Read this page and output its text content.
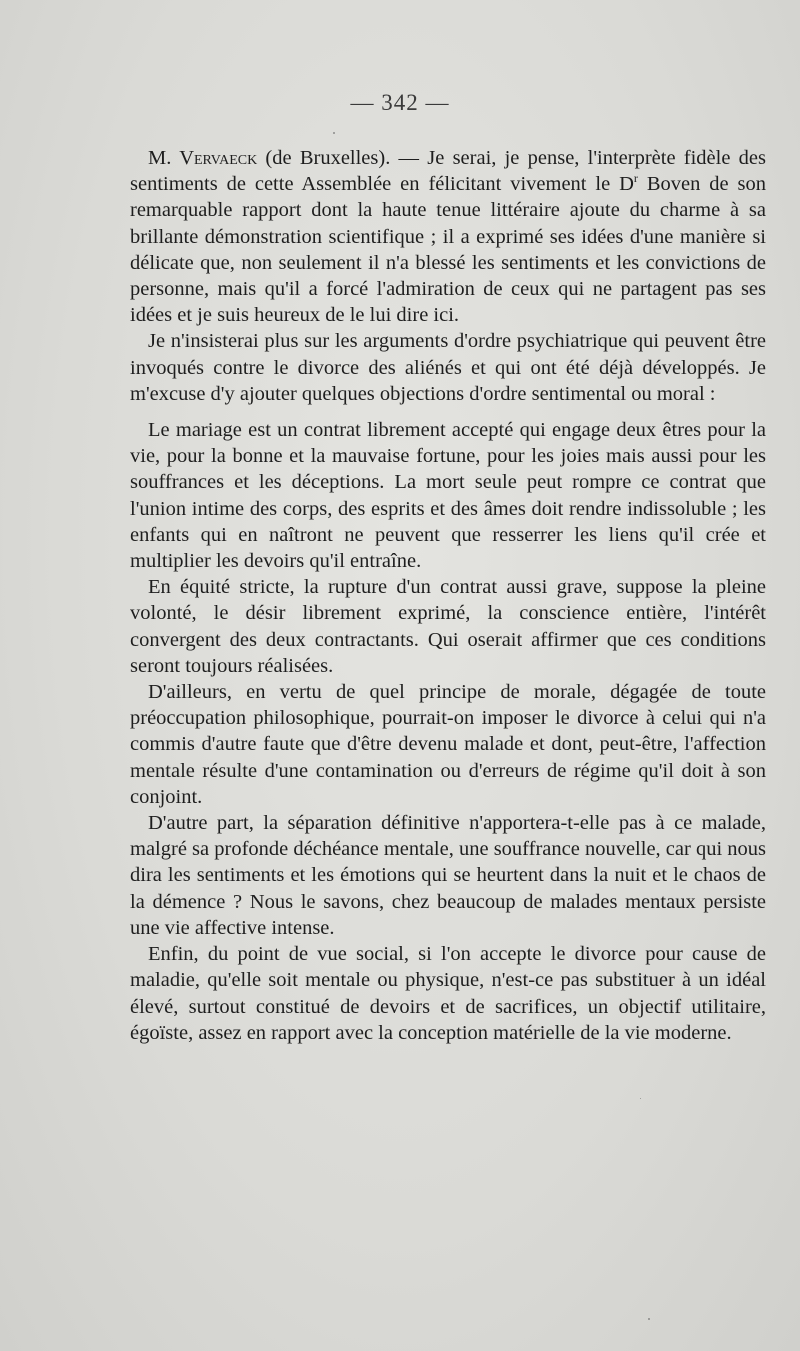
— 342 —

M. Vervaeck (de Bruxelles). — Je serai, je pense, l'interprète fidèle des sentiments de cette Assemblée en félicitant vivement le $D^r$ Boven de son remarquable rapport dont la haute tenue littéraire ajoute du charme à sa brillante démonstration scientifique ; il a exprimé ses idées d'une manière si délicate que, non seulement il n'a blessé les sentiments et les convictions de personne, mais qu'il a forcé l'admiration de ceux qui ne partagent pas ses idées et je suis heureux de le lui dire ici.

Je n'insisterai plus sur les arguments d'ordre psychiatrique qui peuvent être invoqués contre le divorce des aliénés et qui ont été déjà développés. Je m'excuse d'y ajouter quelques objections d'ordre sentimental ou moral :

Le mariage est un contrat librement accepté qui engage deux êtres pour la vie, pour la bonne et la mauvaise fortune, pour les joies mais aussi pour les souffrances et les déceptions. La mort seule peut rompre ce contrat que l'union intime des corps, des esprits et des âmes doit rendre indissoluble ; les enfants qui en naîtront ne peuvent que resserrer les liens qu'il crée et multiplier les devoirs qu'il entraîne.

En équité stricte, la rupture d'un contrat aussi grave, suppose la pleine volonté, le désir librement exprimé, la conscience entière, l'intérêt convergent des deux contractants. Qui oserait affirmer que ces conditions seront toujours réalisées.

D'ailleurs, en vertu de quel principe de morale, dégagée de toute préoccupation philosophique, pourrait-on imposer le divorce à celui qui n'a commis d'autre faute que d'être devenu malade et dont, peut-être, l'affection mentale résulte d'une contamination ou d'erreurs de régime qu'il doit à son conjoint.

D'autre part, la séparation définitive n'apportera-t-elle pas à ce malade, malgré sa profonde déchéance mentale, une souffrance nouvelle, car qui nous dira les sentiments et les émotions qui se heurtent dans la nuit et le chaos de la démence ? Nous le savons, chez beaucoup de malades mentaux persiste une vie affective intense.

Enfin, du point de vue social, si l'on accepte le divorce pour cause de maladie, qu'elle soit mentale ou physique, n'est-ce pas substituer à un idéal élevé, surtout constitué de devoirs et de sacrifices, un objectif utilitaire, égoïste, assez en rapport avec la conception matérielle de la vie moderne.
